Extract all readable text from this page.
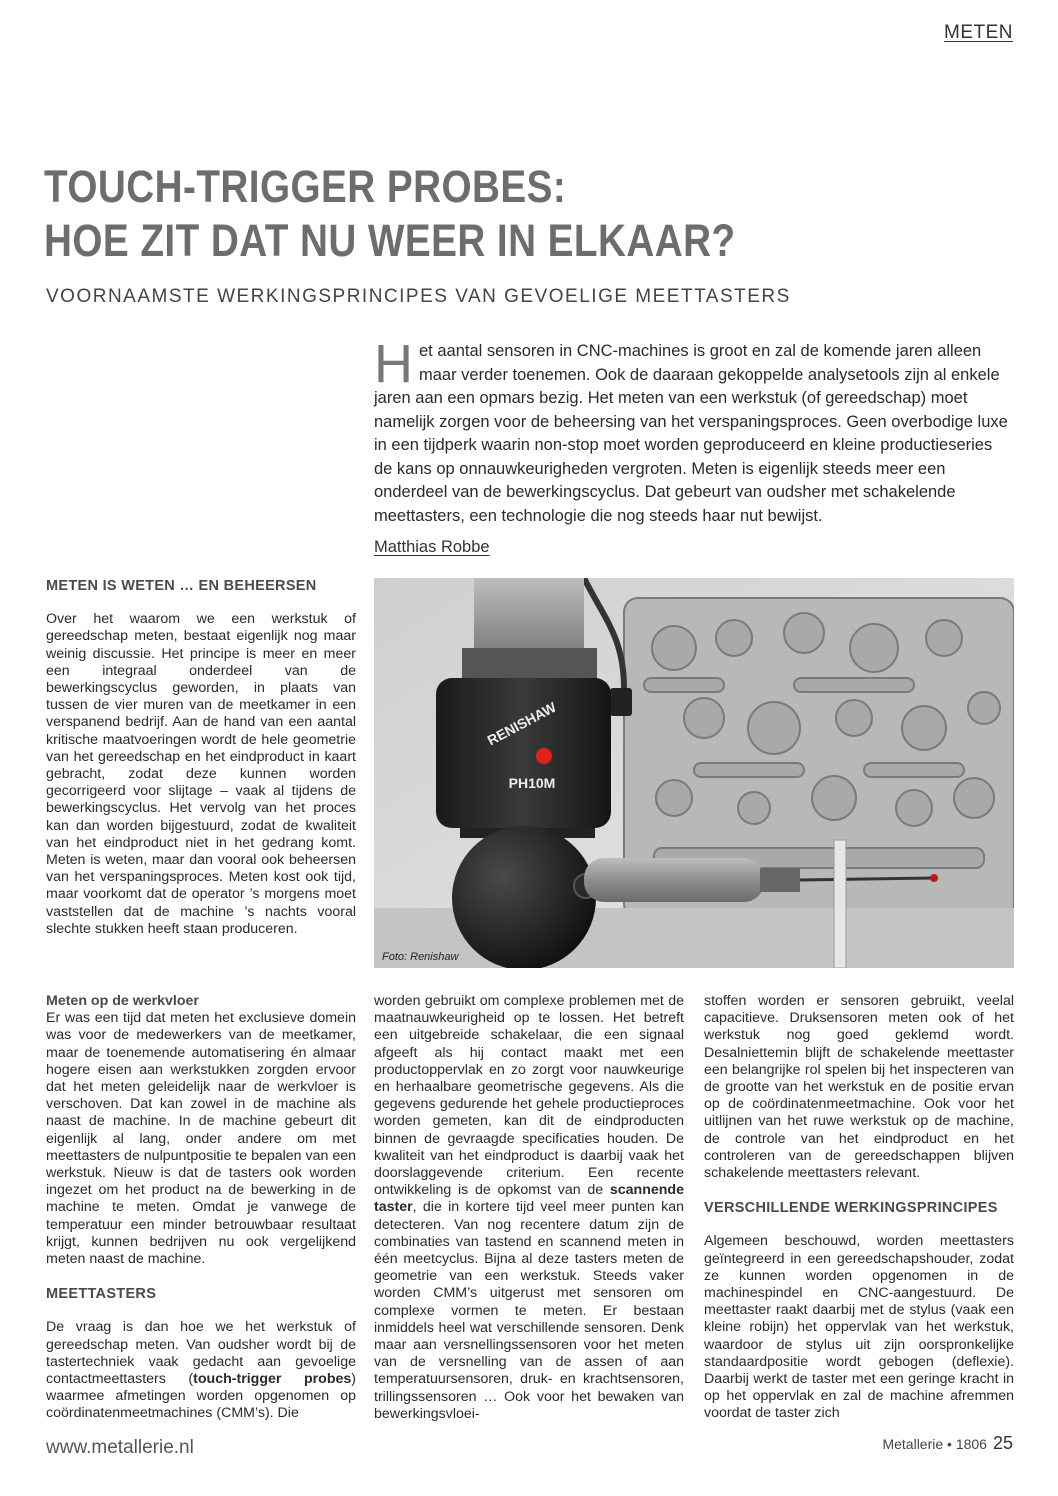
METEN
TOUCH-TRIGGER PROBES:
HOE ZIT DAT NU WEER IN ELKAAR?
VOORNAAMSTE WERKINGSPRINCIPES VAN GEVOELIGE MEETTASTERS

Het aantal sensoren in CNC-machines is groot en zal de komende jaren alleen maar verder toenemen. Ook de daaraan gekoppelde analysetools zijn al enkele jaren aan een opmars bezig. Het meten van een werkstuk (of gereedschap) moet namelijk zorgen voor de beheersing van het verspaningsproces. Geen overbodige luxe in een tijdperk waarin non-stop moet worden geproduceerd en kleine productieseries de kans op onnauwkeurigheden vergroten. Meten is eigenlijk steeds meer een onderdeel van de bewerkingscyclus. Dat gebeurt van oudsher met schakelende meettasters, een technologie die nog steeds haar nut bewijst.

Matthias Robbe
RENISHAW
PH10M
Foto: Renishaw
METEN IS WETEN … EN BEHEERSEN

Over het waarom we een werkstuk of gereedschap meten, bestaat eigenlijk nog maar weinig discussie. Het principe is meer en meer een integraal onderdeel van de bewerkingscyclus geworden, in plaats van tussen de vier muren van de meetkamer in een verspanend bedrijf. Aan de hand van een aantal kritische maatvoeringen wordt de hele geometrie van het gereedschap en het eindproduct in kaart gebracht, zodat deze kunnen worden gecorrigeerd voor slijtage – vaak al tijdens de bewerkingscyclus. Het vervolg van het proces kan dan worden bijgestuurd, zodat de kwaliteit van het eindproduct niet in het gedrang komt. Meten is weten, maar dan vooral ook beheersen van het verspaningsproces. Meten kost ook tijd, maar voorkomt dat de operator ’s morgens moet vaststellen dat de machine ’s nachts vooral slechte stukken heeft staan produceren.

Meten op de werkvloer

Er was een tijd dat meten het exclusieve domein was voor de medewerkers van de meetkamer, maar de toenemende automatisering én almaar hogere eisen aan werkstukken zorgden ervoor dat het meten geleidelijk naar de werkvloer is verschoven. Dat kan zowel in de machine als naast de machine. In de machine gebeurt dit eigenlijk al lang, onder andere om met meettasters de nulpuntpositie te bepalen van een werkstuk. Nieuw is dat de tasters ook worden ingezet om het product na de bewerking in de machine te meten. Omdat je vanwege de temperatuur een minder betrouwbaar resultaat krijgt, kunnen bedrijven nu ook vergelijkend meten naast de machine.

MEETTASTERS

De vraag is dan hoe we het werkstuk of gereedschap meten. Van oudsher wordt bij de tastertechniek vaak gedacht aan gevoelige contactmeettasters (touch-trigger probes) waarmee afmetingen worden opgenomen op coördinatenmeetmachines (CMM’s). Die

worden gebruikt om complexe problemen met de maatnauwkeurigheid op te lossen. Het betreft een uitgebreide schakelaar, die een signaal afgeeft als hij contact maakt met een productoppervlak en zo zorgt voor nauwkeurige en herhaalbare geometrische gegevens. Als die gegevens gedurende het gehele productieproces worden gemeten, kan dit de eindproducten binnen de gevraagde specificaties houden. De kwaliteit van het eindproduct is daarbij vaak het doorslaggevende criterium. Een recente ontwikkeling is de opkomst van de scannende taster, die in kortere tijd veel meer punten kan detecteren. Van nog recentere datum zijn de combinaties van tastend en scannend meten in één meetcyclus. Bijna al deze tasters meten de geometrie van een werkstuk. Steeds vaker worden CMM’s uitgerust met sensoren om complexe vormen te meten. Er bestaan inmiddels heel wat verschillende sensoren. Denk maar aan versnellingssensoren voor het meten van de versnelling van de assen of aan temperatuursensoren, druk- en krachtsensoren, trillingssensoren … Ook voor het bewaken van bewerkingsvloei-

stoffen worden er sensoren gebruikt, veelal capacitieve. Druksensoren meten ook of het werkstuk nog goed geklemd wordt. Desalniettemin blijft de schakelende meettaster een belangrijke rol spelen bij het inspecteren van de grootte van het werkstuk en de positie ervan op de coördinatenmeetmachine. Ook voor het uitlijnen van het ruwe werkstuk op de machine, de controle van het eindproduct en het controleren van de gereedschappen blijven schakelende meettasters relevant.

VERSCHILLENDE WERKINGSPRINCIPES

Algemeen beschouwd, worden meettasters geïntegreerd in een gereedschapshouder, zodat ze kunnen worden opgenomen in de machinespindel en CNC-aangestuurd. De meettaster raakt daarbij met de stylus (vaak een kleine robijn) het oppervlak van het werkstuk, waardoor de stylus uit zijn oorspronkelijke standaardpositie wordt gebogen (deflexie). Daarbij werkt de taster met een geringe kracht in op het oppervlak en zal de machine afremmen voordat de taster zich

www.metallerie.nl	Metallerie • 1806 25
